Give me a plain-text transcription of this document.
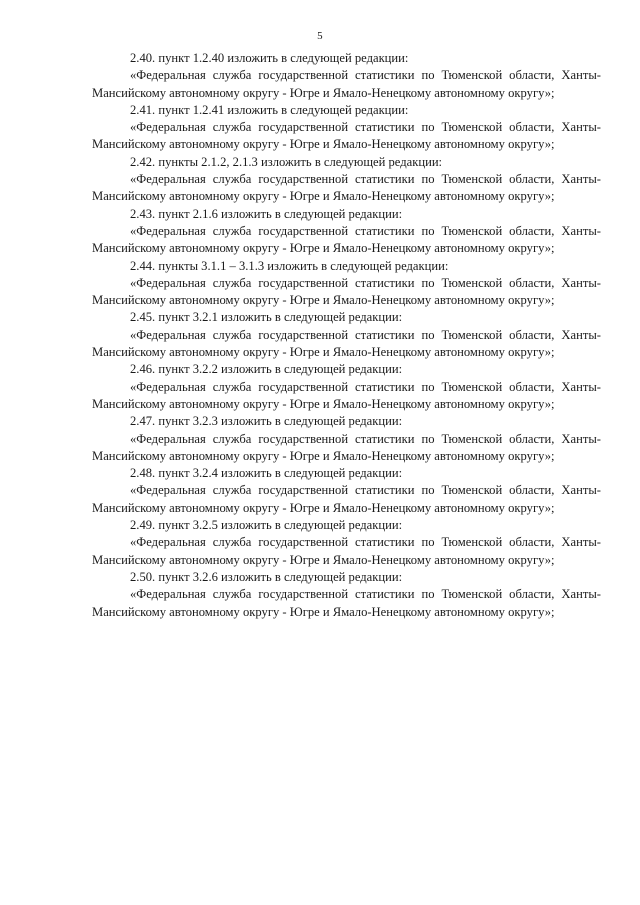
5

2.40. пункт 1.2.40 изложить в следующей редакции:

«Федеральная служба государственной статистики по Тюменской области, Ханты-Мансийскому автономному округу - Югре и Ямало-Ненецкому автономному округу»;

2.41. пункт 1.2.41 изложить в следующей редакции:

«Федеральная служба государственной статистики по Тюменской области, Ханты-Мансийскому автономному округу - Югре и Ямало-Ненецкому автономному округу»;

2.42. пункты 2.1.2, 2.1.3 изложить в следующей редакции:

«Федеральная служба государственной статистики по Тюменской области, Ханты-Мансийскому автономному округу - Югре и Ямало-Ненецкому автономному округу»;

2.43. пункт 2.1.6 изложить в следующей редакции:

«Федеральная служба государственной статистики по Тюменской области, Ханты-Мансийскому автономному округу - Югре и Ямало-Ненецкому автономному округу»;

2.44. пункты 3.1.1 – 3.1.3 изложить в следующей редакции:

«Федеральная служба государственной статистики по Тюменской области, Ханты-Мансийскому автономному округу - Югре и Ямало-Ненецкому автономному округу»;

2.45. пункт 3.2.1 изложить в следующей редакции:

«Федеральная служба государственной статистики по Тюменской области, Ханты-Мансийскому автономному округу - Югре и Ямало-Ненецкому автономному округу»;

2.46. пункт 3.2.2 изложить в следующей редакции:

«Федеральная служба государственной статистики по Тюменской области, Ханты-Мансийскому автономному округу - Югре и Ямало-Ненецкому автономному округу»;

2.47. пункт 3.2.3 изложить в следующей редакции:

«Федеральная служба государственной статистики по Тюменской области, Ханты-Мансийскому автономному округу - Югре и Ямало-Ненецкому автономному округу»;

2.48. пункт 3.2.4 изложить в следующей редакции:

«Федеральная служба государственной статистики по Тюменской области, Ханты-Мансийскому автономному округу - Югре и Ямало-Ненецкому автономному округу»;

2.49. пункт 3.2.5 изложить в следующей редакции:

«Федеральная служба государственной статистики по Тюменской области, Ханты-Мансийскому автономному округу - Югре и Ямало-Ненецкому автономному округу»;

2.50. пункт 3.2.6 изложить в следующей редакции:

«Федеральная служба государственной статистики по Тюменской области, Ханты-Мансийскому автономному округу - Югре и Ямало-Ненецкому автономному округу»;
